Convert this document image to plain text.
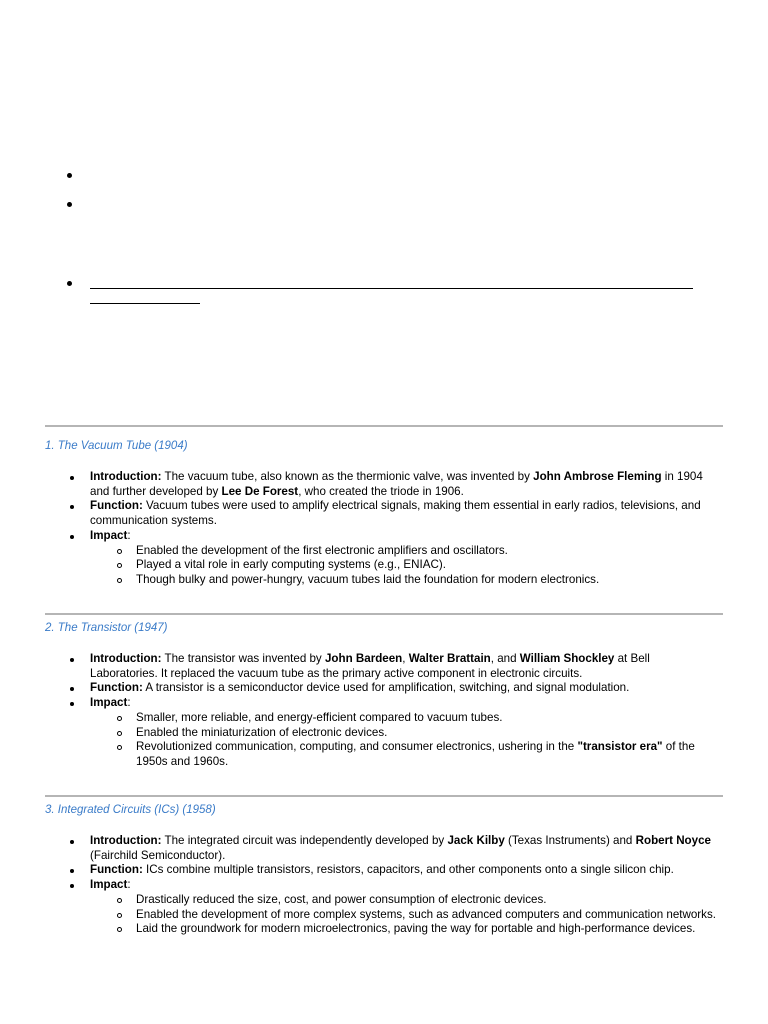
1. The Vacuum Tube (1904)
Introduction: The vacuum tube, also known as the thermionic valve, was invented by John Ambrose Fleming in 1904 and further developed by Lee De Forest, who created the triode in 1906.
Function: Vacuum tubes were used to amplify electrical signals, making them essential in early radios, televisions, and communication systems.
Impact:
Enabled the development of the first electronic amplifiers and oscillators.
Played a vital role in early computing systems (e.g., ENIAC).
Though bulky and power-hungry, vacuum tubes laid the foundation for modern electronics.
2. The Transistor (1947)
Introduction: The transistor was invented by John Bardeen, Walter Brattain, and William Shockley at Bell Laboratories. It replaced the vacuum tube as the primary active component in electronic circuits.
Function: A transistor is a semiconductor device used for amplification, switching, and signal modulation.
Impact:
Smaller, more reliable, and energy-efficient compared to vacuum tubes.
Enabled the miniaturization of electronic devices.
Revolutionized communication, computing, and consumer electronics, ushering in the "transistor era" of the 1950s and 1960s.
3. Integrated Circuits (ICs) (1958)
Introduction: The integrated circuit was independently developed by Jack Kilby (Texas Instruments) and Robert Noyce (Fairchild Semiconductor).
Function: ICs combine multiple transistors, resistors, capacitors, and other components onto a single silicon chip.
Impact:
Drastically reduced the size, cost, and power consumption of electronic devices.
Enabled the development of more complex systems, such as advanced computers and communication networks.
Laid the groundwork for modern microelectronics, paving the way for portable and high-performance devices.
